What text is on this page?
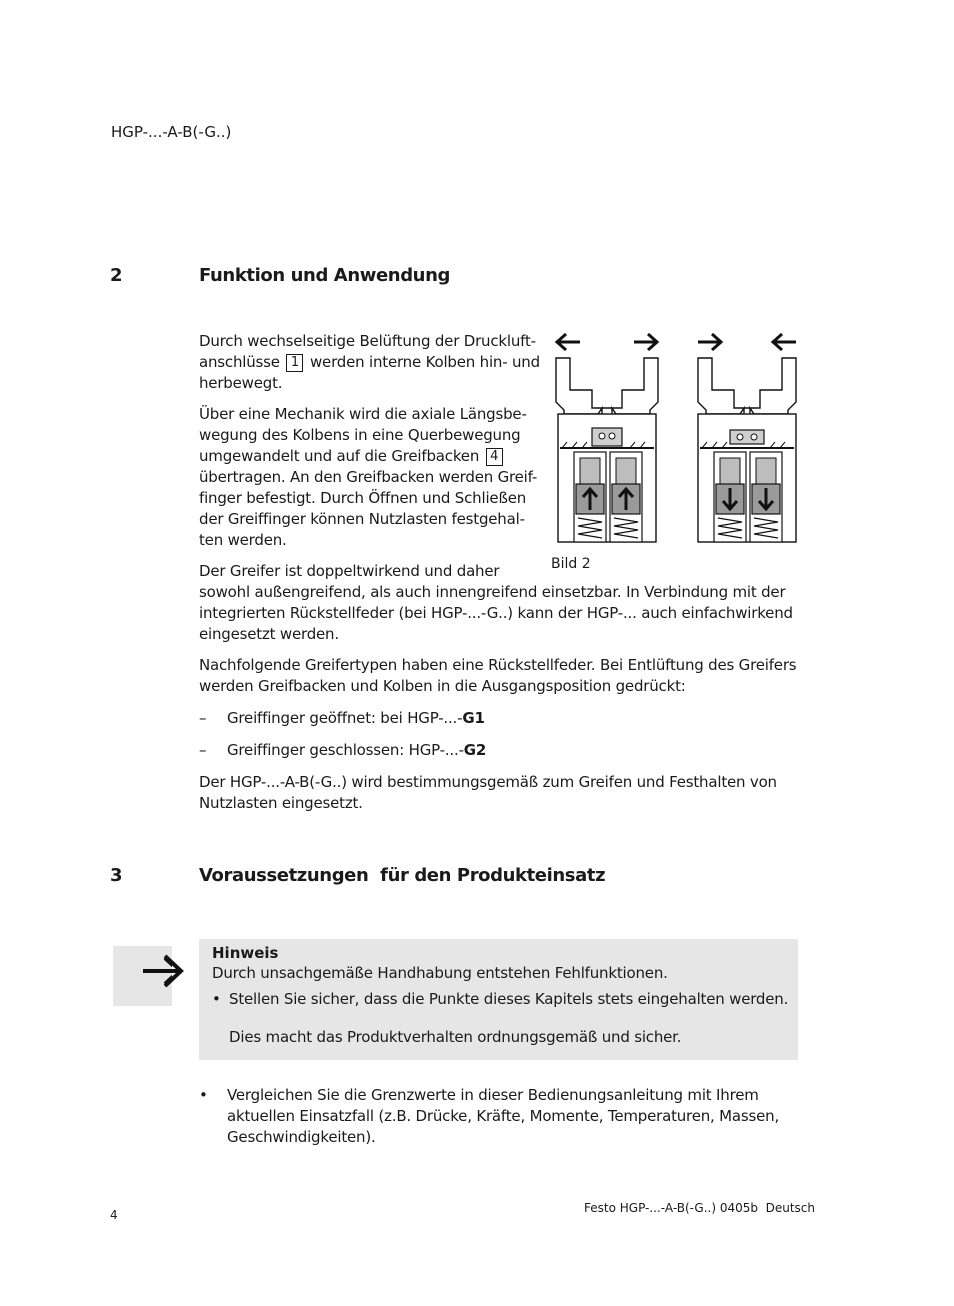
HGP-...-A-B(-G..)
2	Funktion und Anwendung
Durch wechselseitige Belüftung der Druckluft-
anschlüsse 1 werden interne Kolben hin- und
herbewegt.
Über eine Mechanik wird die axiale Längsbe-
wegung des Kolbens in eine Querbewegung
umgewandelt und auf die Greifbacken 4
übertragen. An den Greifbacken werden Greif-
finger befestigt. Durch Öffnen und Schließen
der Greiffinger können Nutzlasten festgehal-
ten werden.
Bild 2
Der Greifer ist doppeltwirkend und daher
sowohl außengreifend, als auch innengreifend einsetzbar. In Verbindung mit der
integrierten Rückstellfeder (bei HGP-...-G..) kann der HGP-... auch einfachwirkend
eingesetzt werden.
Nachfolgende Greifertypen haben eine Rückstellfeder. Bei Entlüftung des Greifers
werden Greifbacken und Kolben in die Ausgangsposition gedrückt:
– Greiffinger geöffnet: bei HGP-...-G1
– Greiffinger geschlossen: HGP-...-G2
Der HGP-...-A-B(-G..) wird bestimmungsgemäß zum Greifen und Festhalten von
Nutzlasten eingesetzt.
3	Voraussetzungen  für den Produkteinsatz
Hinweis
Durch unsachgemäße Handhabung entstehen Fehlfunktionen.
• Stellen Sie sicher, dass die Punkte dieses Kapitels stets eingehalten werden.
Dies macht das Produktverhalten ordnungsgemäß und sicher.
• Vergleichen Sie die Grenzwerte in dieser Bedienungsanleitung mit Ihrem
aktuellen Einsatzfall (z.B. Drücke, Kräfte, Momente, Temperaturen, Massen,
Geschwindigkeiten).
4	Festo HGP-...-A-B(-G..) 0405b  Deutsch
